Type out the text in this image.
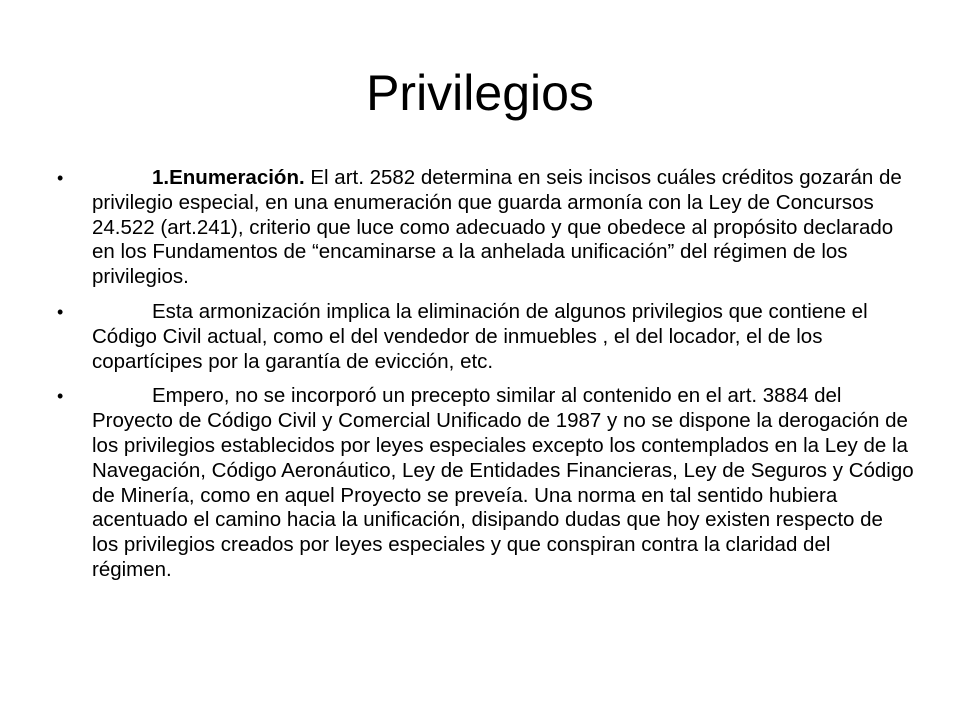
Privilegios

•	1.Enumeración. El art. 2582 determina en seis incisos cuáles créditos gozarán de privilegio especial, en una enumeración que guarda armonía con la Ley de Concursos 24.522 (art.241), criterio que luce como adecuado y que obedece al propósito declarado en los Fundamentos de “encaminarse a la anhelada unificación” del régimen de los privilegios.

•	Esta armonización implica la eliminación de algunos privilegios que contiene el Código Civil actual, como el del vendedor de inmuebles , el del locador, el de los copartícipes por la garantía de evicción, etc.

•	Empero, no se incorporó un precepto similar al contenido en el art. 3884 del Proyecto de Código Civil y Comercial Unificado de 1987 y no se dispone la derogación de los privilegios establecidos por leyes especiales excepto los contemplados en la Ley de la Navegación, Código Aeronáutico, Ley de Entidades Financieras, Ley de Seguros y Código de Minería, como en aquel Proyecto se preveía. Una norma en tal sentido hubiera acentuado el camino hacia la unificación, disipando dudas que hoy existen respecto de los privilegios creados por leyes especiales y que conspiran contra la claridad del régimen.
